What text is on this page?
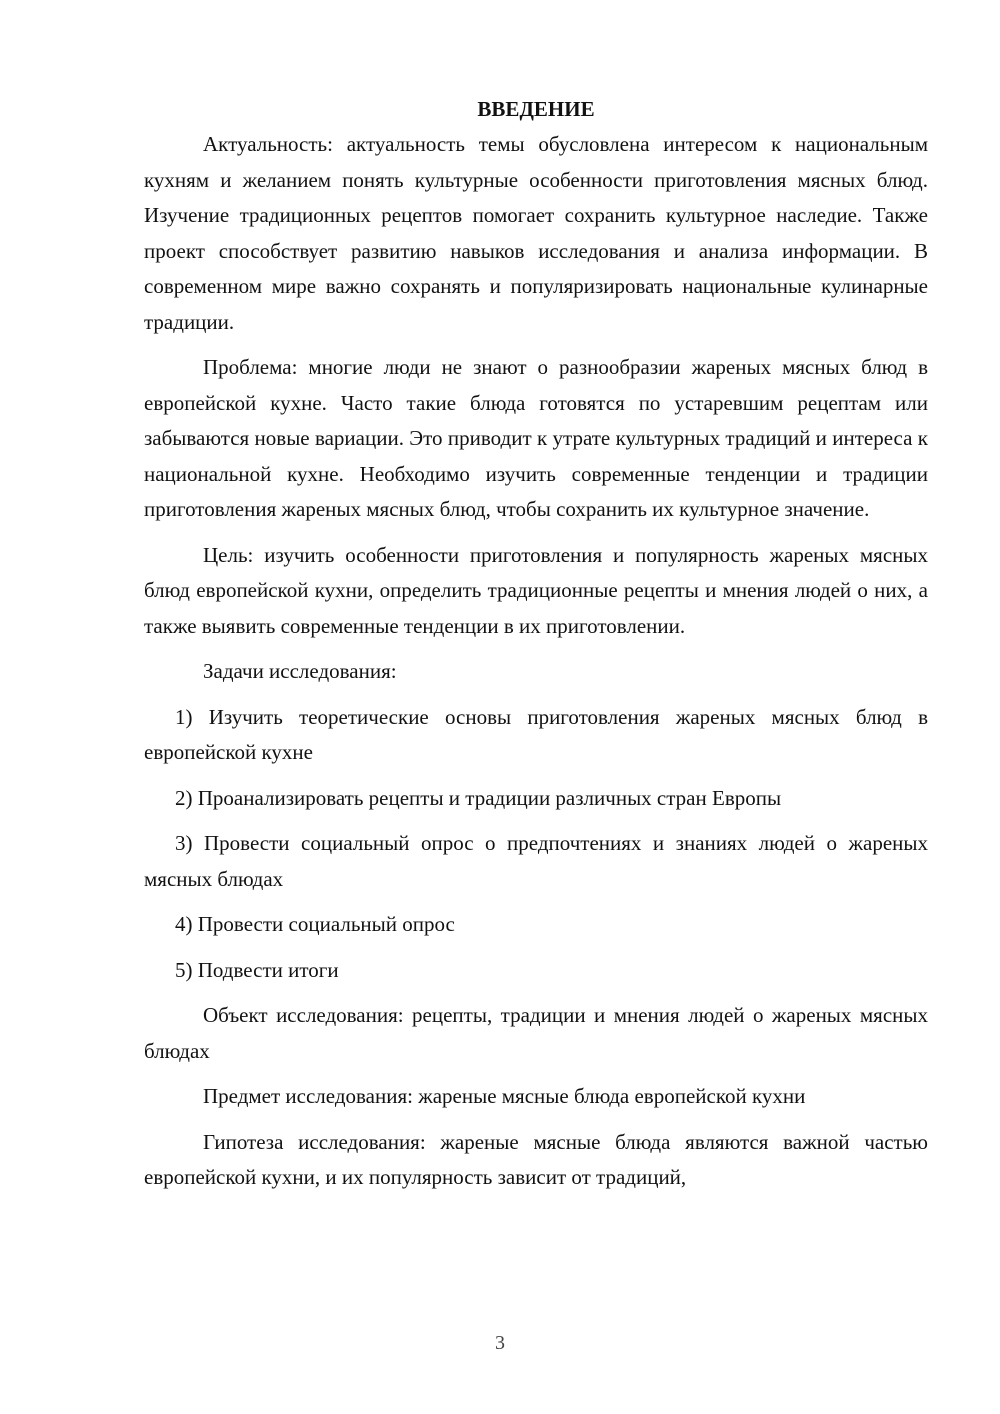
ВВЕДЕНИЕ

Актуальность: актуальность темы обусловлена интересом к национальным кухням и желанием понять культурные особенности приготовления мясных блюд. Изучение традиционных рецептов помогает сохранить культурное наследие. Также проект способствует развитию навыков исследования и анализа информации. В современном мире важно сохранять и популяризировать национальные кулинарные традиции.

Проблема: многие люди не знают о разнообразии жареных мясных блюд в европейской кухне. Часто такие блюда готовятся по устаревшим рецептам или забываются новые вариации. Это приводит к утрате культурных традиций и интереса к национальной кухне. Необходимо изучить современные тенденции и традиции приготовления жареных мясных блюд, чтобы сохранить их культурное значение.

Цель: изучить особенности приготовления и популярность жареных мясных блюд европейской кухни, определить традиционные рецепты и мнения людей о них, а также выявить современные тенденции в их приготовлении.

Задачи исследования:

1) Изучить теоретические основы приготовления жареных мясных блюд в европейской кухне

2) Проанализировать рецепты и традиции различных стран Европы

3) Провести социальный опрос о предпочтениях и знаниях людей о жареных мясных блюдах

4) Провести социальный опрос

5) Подвести итоги

Объект исследования: рецепты, традиции и мнения людей о жареных мясных блюдах

Предмет исследования: жареные мясные блюда европейской кухни

Гипотеза исследования: жареные мясные блюда являются важной частью европейской кухни, и их популярность зависит от традиций,

3
